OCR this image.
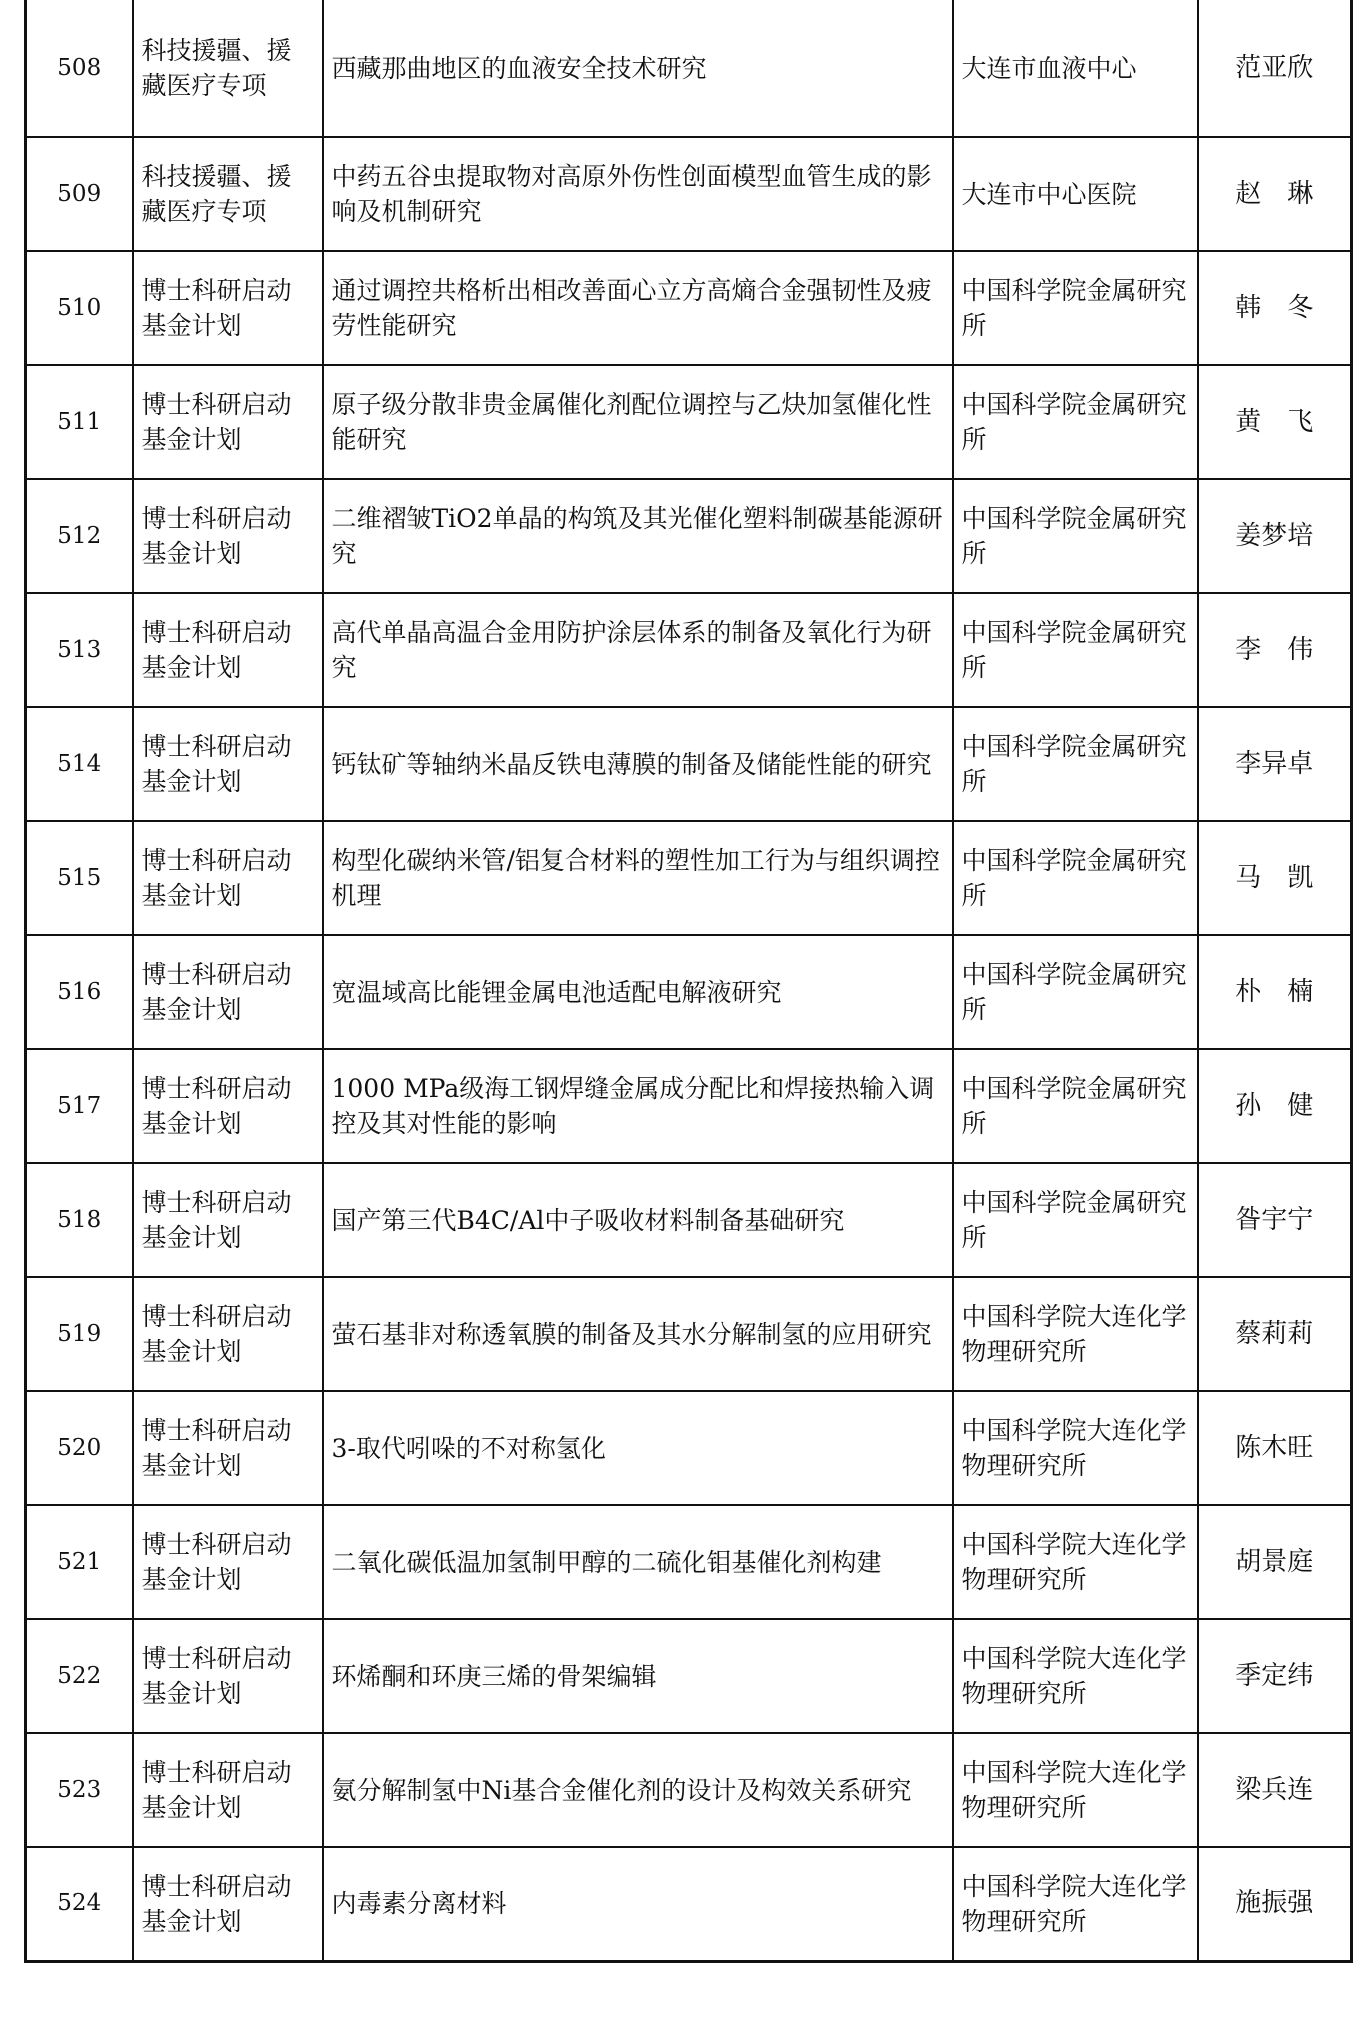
508	科技援疆、援藏医疗专项	西藏那曲地区的血液安全技术研究	大连市血液中心	范亚欣
509	科技援疆、援藏医疗专项	中药五谷虫提取物对高原外伤性创面模型血管生成的影响及机制研究	大连市中心医院	赵　琳
510	博士科研启动基金计划	通过调控共格析出相改善面心立方高熵合金强韧性及疲劳性能研究	中国科学院金属研究所	韩　冬
511	博士科研启动基金计划	原子级分散非贵金属催化剂配位调控与乙炔加氢催化性能研究	中国科学院金属研究所	黄　飞
512	博士科研启动基金计划	二维褶皱TiO2单晶的构筑及其光催化塑料制碳基能源研究	中国科学院金属研究所	姜梦培
513	博士科研启动基金计划	高代单晶高温合金用防护涂层体系的制备及氧化行为研究	中国科学院金属研究所	李　伟
514	博士科研启动基金计划	钙钛矿等轴纳米晶反铁电薄膜的制备及储能性能的研究	中国科学院金属研究所	李异卓
515	博士科研启动基金计划	构型化碳纳米管/铝复合材料的塑性加工行为与组织调控机理	中国科学院金属研究所	马　凯
516	博士科研启动基金计划	宽温域高比能锂金属电池适配电解液研究	中国科学院金属研究所	朴　楠
517	博士科研启动基金计划	1000 MPa级海工钢焊缝金属成分配比和焊接热输入调控及其对性能的影响	中国科学院金属研究所	孙　健
518	博士科研启动基金计划	国产第三代B4C/Al中子吸收材料制备基础研究	中国科学院金属研究所	昝宇宁
519	博士科研启动基金计划	萤石基非对称透氧膜的制备及其水分解制氢的应用研究	中国科学院大连化学物理研究所	蔡莉莉
520	博士科研启动基金计划	3-取代吲哚的不对称氢化	中国科学院大连化学物理研究所	陈木旺
521	博士科研启动基金计划	二氧化碳低温加氢制甲醇的二硫化钼基催化剂构建	中国科学院大连化学物理研究所	胡景庭
522	博士科研启动基金计划	环烯酮和环庚三烯的骨架编辑	中国科学院大连化学物理研究所	季定纬
523	博士科研启动基金计划	氨分解制氢中Ni基合金催化剂的设计及构效关系研究	中国科学院大连化学物理研究所	梁兵连
524	博士科研启动基金计划	内毒素分离材料	中国科学院大连化学物理研究所	施振强
